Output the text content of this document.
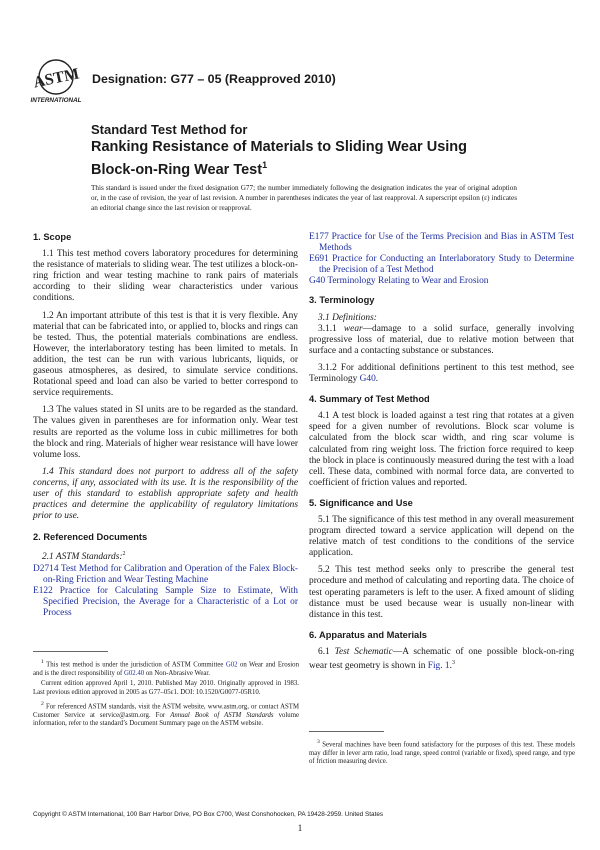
ASTM
INTERNATIONAL
Designation: G77 – 05 (Reapproved 2010)
Standard Test Method for
Ranking Resistance of Materials to Sliding Wear Using
Block-on-Ring Wear Test$^1$
This standard is issued under the fixed designation G77; the number immediately following the designation indicates the year of original adoption or, in the case of revision, the year of last revision. A number in parentheses indicates the year of last reapproval. A superscript epsilon (ε) indicates an editorial change since the last revision or reapproval.
1. Scope

1.1 This test method covers laboratory procedures for determining the resistance of materials to sliding wear. The test utilizes a block-on-ring friction and wear testing machine to rank pairs of materials according to their sliding wear characteristics under various conditions.

1.2 An important attribute of this test is that it is very flexible. Any material that can be fabricated into, or applied to, blocks and rings can be tested. Thus, the potential materials combinations are endless. However, the interlaboratory testing has been limited to metals. In addition, the test can be run with various lubricants, liquids, or gaseous atmospheres, as desired, to simulate service conditions. Rotational speed and load can also be varied to better correspond to service requirements.

1.3 The values stated in SI units are to be regarded as the standard. The values given in parentheses are for information only. Wear test results are reported as the volume loss in cubic millimetres for both the block and ring. Materials of higher wear resistance will have lower volume loss.

1.4 This standard does not purport to address all of the safety concerns, if any, associated with its use. It is the responsibility of the user of this standard to establish appropriate safety and health practices and determine the applicability of regulatory limitations prior to use.

2. Referenced Documents

2.1 ASTM Standards:$^2$

D2714 Test Method for Calibration and Operation of the Falex Block-on-Ring Friction and Wear Testing Machine
E122 Practice for Calculating Sample Size to Estimate, With Specified Precision, the Average for a Characteristic of a Lot or Process
E177 Practice for Use of the Terms Precision and Bias in ASTM Test Methods
E691 Practice for Conducting an Interlaboratory Study to Determine the Precision of a Test Method
G40 Terminology Relating to Wear and Erosion
3. Terminology

3.1 Definitions:

3.1.1 wear—damage to a solid surface, generally involving progressive loss of material, due to relative motion between that surface and a contacting substance or substances.

3.1.2 For additional definitions pertinent to this test method, see Terminology G40.

4. Summary of Test Method

4.1 A test block is loaded against a test ring that rotates at a given speed for a given number of revolutions. Block scar volume is calculated from the block scar width, and ring scar volume is calculated from ring weight loss. The friction force required to keep the block in place is continuously measured during the test with a load cell. These data, combined with normal force data, are converted to coefficient of friction values and reported.

5. Significance and Use

5.1 The significance of this test method in any overall measurement program directed toward a service application will depend on the relative match of test conditions to the conditions of the service application.

5.2 This test method seeks only to prescribe the general test procedure and method of calculating and reporting data. The choice of test operating parameters is left to the user. A fixed amount of sliding distance must be used because wear is usually non-linear with distance in this test.

6. Apparatus and Materials

6.1 Test Schematic—A schematic of one possible block-on-ring wear test geometry is shown in Fig. 1.$^3$

$^1$ This test method is under the jurisdiction of ASTM Committee G02 on Wear and Erosion and is the direct responsibility of G02.40 on Non-Abrasive Wear.

Current edition approved April 1, 2010. Published May 2010. Originally approved in 1983. Last previous edition approved in 2005 as G77–05ε1. DOI: 10.1520/G0077-05R10.

$^2$ For referenced ASTM standards, visit the ASTM website, www.astm.org, or contact ASTM Customer Service at service@astm.org. For Annual Book of ASTM Standards volume information, refer to the standard’s Document Summary page on the ASTM website.

$^3$ Several machines have been found satisfactory for the purposes of this test. These models may differ in lever arm ratio, load range, speed control (variable or fixed), speed range, and type of friction measuring device.

Copyright © ASTM International, 100 Barr Harbor Drive, PO Box C700, West Conshohocken, PA 19428-2959. United States
1
